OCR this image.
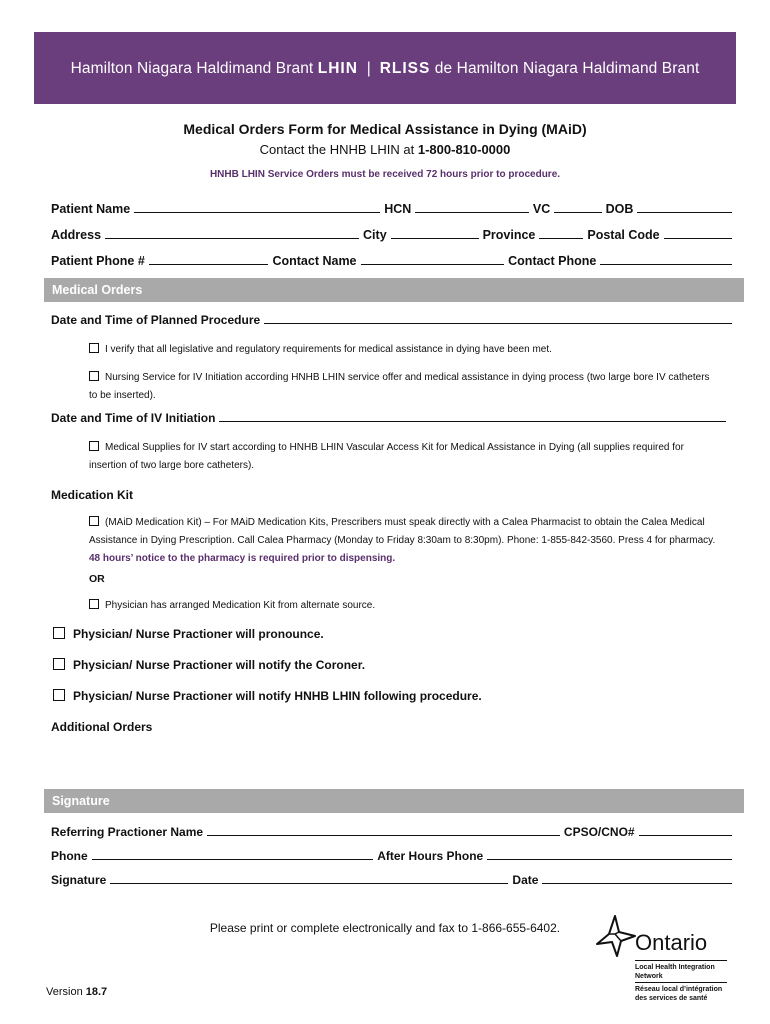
Hamilton Niagara Haldimand Brant LHIN | RLISS de Hamilton Niagara Haldimand Brant
Medical Orders Form for Medical Assistance in Dying (MAiD)
Contact the HNHB LHIN at 1-800-810-0000
HNHB LHIN Service Orders must be received 72 hours prior to procedure.
Patient Name	HCN	VC	DOB
Address	City	Province	Postal Code
Patient Phone #	Contact Name	Contact Phone
Medical Orders
Date and Time of Planned Procedure
I verify that all legislative and regulatory requirements for medical assistance in dying have been met.
Nursing Service for IV Initiation according HNHB LHIN service offer and medical assistance in dying process (two large bore IV catheters
to be inserted).
Date and Time of IV Initiation
Medical Supplies for IV start according to HNHB LHIN Vascular Access Kit for Medical Assistance in Dying (all supplies required for
insertion of two large bore catheters).
Medication Kit
(MAiD Medication Kit) – For MAiD Medication Kits, Prescribers must speak directly with a Calea Pharmacist to obtain the Calea Medical
Assistance in Dying Prescription. Call Calea Pharmacy (Monday to Friday 8:30am to 8:30pm). Phone: 1-855-842-3560. Press 4 for pharmacy.
48 hours’ notice to the pharmacy is required prior to dispensing.
OR
Physician has arranged Medication Kit from alternate source.
Physician/ Nurse Practioner will pronounce.
Physician/ Nurse Practioner will notify the Coroner.
Physician/ Nurse Practioner will notify HNHB LHIN following procedure.
Additional Orders
Signature
Referring Practioner Name	CPSO/CNO#
Phone	After Hours Phone
Signature	Date
Please print or complete electronically and fax to 1-866-655-6402.
Version 18.7
Ontario
Local Health Integration
Network
Réseau local d’intégration
des services de santé
